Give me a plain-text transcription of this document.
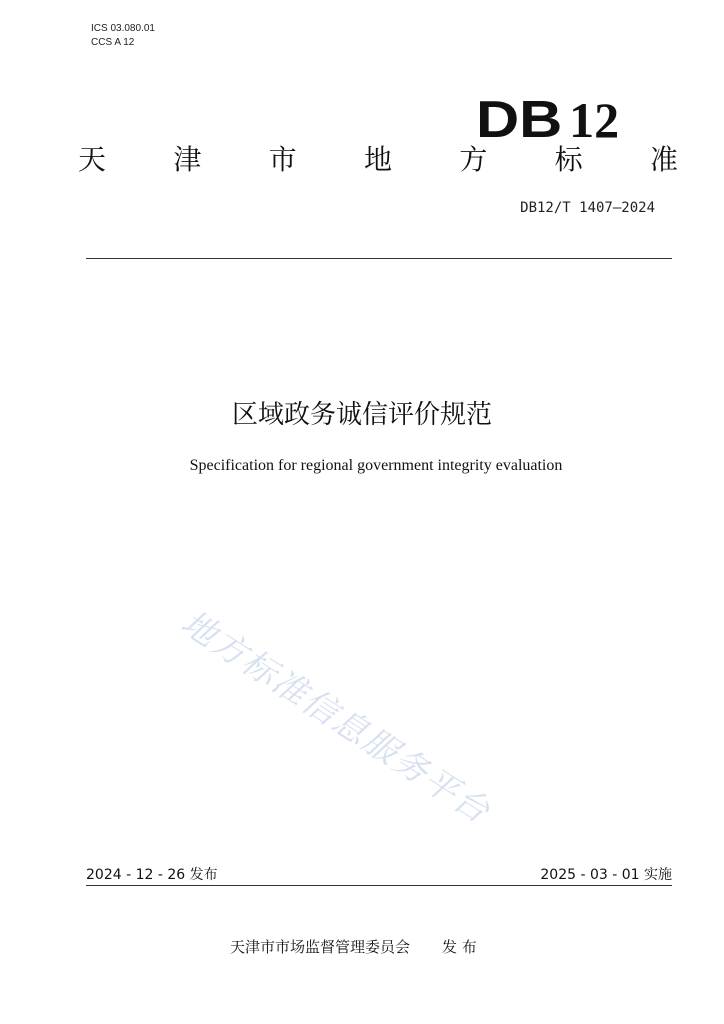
ICS 03.080.01
CCS A 12
DB 12
天 津 市 地 方 标 准
DB12/T 1407—2024
区域政务诚信评价规范
Specification for regional government integrity evaluation
地方标准信息服务平台
2024 - 12 - 26 发布	2025 - 03 - 01 实施
天津市市场监督管理委员会 发 布
